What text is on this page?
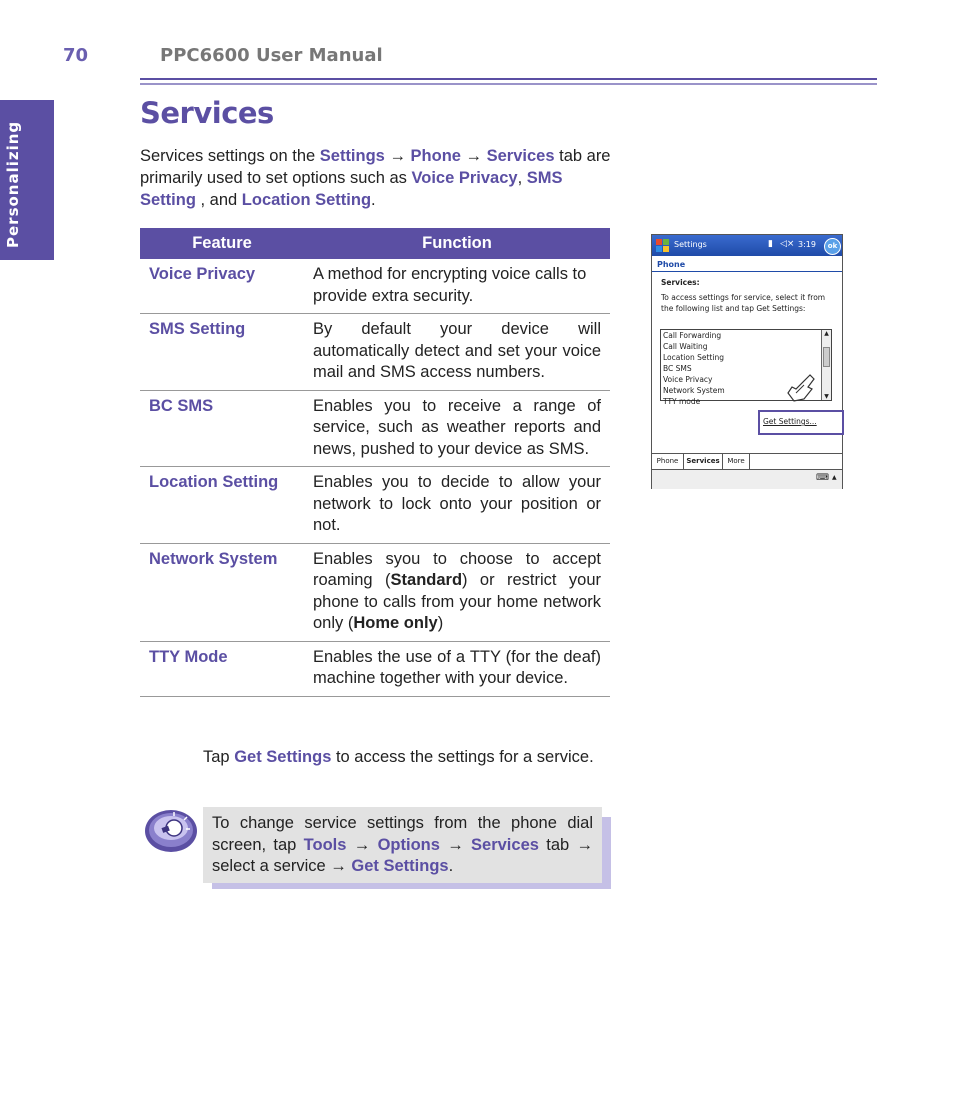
70	PPC6600 User Manual
Personalizing
Services
Services settings on the Settings → Phone → Services tab are primarily used to set options such as Voice Privacy, SMS Setting , and Location Setting.
Feature	Function
Voice Privacy	A method for encrypting voice calls to provide extra security.
SMS Setting	By default your device will automatically detect and set your voice mail and SMS access numbers.
BC SMS	Enables you to receive a range of service, such as weather reports and news, pushed to your device as SMS.
Location Setting	Enables you to decide to allow your network to lock onto your position or not.
Network System	Enables syou to choose to accept roaming (Standard) or restrict your phone to calls from your home network only (Home only)
TTY Mode	Enables the use of a TTY (for the deaf) machine together with your device.
Tap Get Settings to access the settings for a service.
To change service settings from the phone dial screen, tap Tools → Options → Services tab → select a service → Get Settings.
Settings	▮ ◁× 3:19	ok
Phone
Services:
To access settings for service, select it from the following list and tap Get Settings:
Call Forwarding
Call Waiting
Location Setting
BC SMS
Voice Privacy
Network System
TTY mode
▲
▼
Get Settings...
Phone	Services	More
⌨ ▲
